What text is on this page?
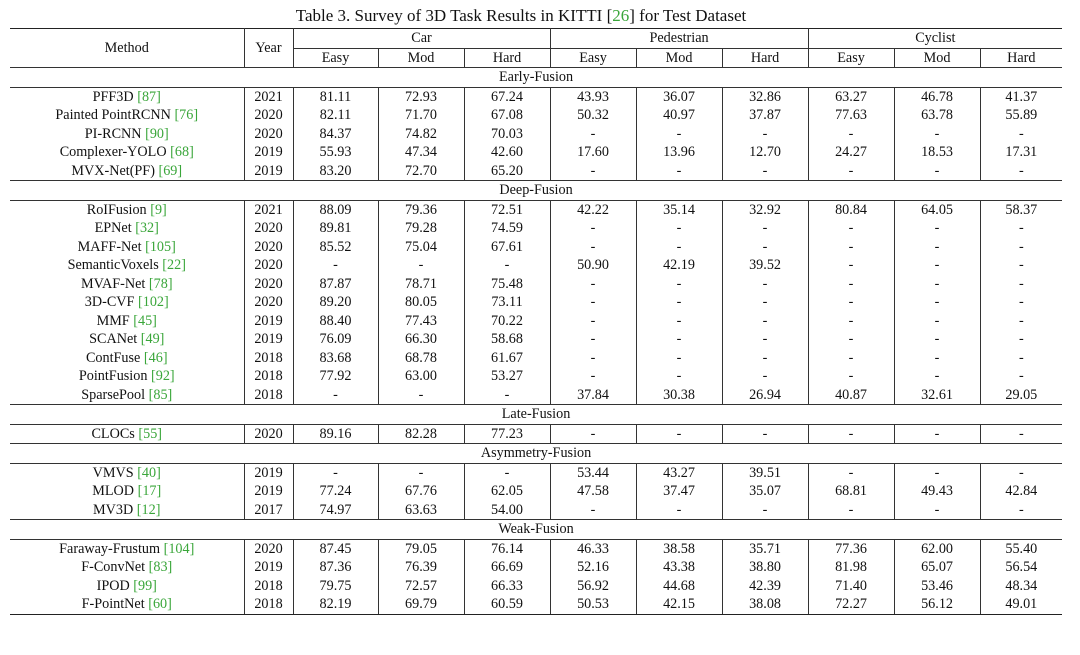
Table 3. Survey of 3D Task Results in KITTI [26] for Test Dataset
Method	Year	Car			Pedestrian			Cyclist		
		Easy	Mod	Hard	Easy	Mod	Hard	Easy	Mod	Hard
Early-Fusion										
PFF3D [87]	2021	81.11	72.93	67.24	43.93	36.07	32.86	63.27	46.78	41.37
Painted PointRCNN [76]	2020	82.11	71.70	67.08	50.32	40.97	37.87	77.63	63.78	55.89
PI-RCNN [90]	2020	84.37	74.82	70.03	-	-	-	-	-	-
Complexer-YOLO [68]	2019	55.93	47.34	42.60	17.60	13.96	12.70	24.27	18.53	17.31
MVX-Net(PF) [69]	2019	83.20	72.70	65.20	-	-	-	-	-	-
Deep-Fusion										
RoIFusion [9]	2021	88.09	79.36	72.51	42.22	35.14	32.92	80.84	64.05	58.37
EPNet [32]	2020	89.81	79.28	74.59	-	-	-	-	-	-
MAFF-Net [105]	2020	85.52	75.04	67.61	-	-	-	-	-	-
SemanticVoxels [22]	2020	-	-	-	50.90	42.19	39.52	-	-	-
MVAF-Net [78]	2020	87.87	78.71	75.48	-	-	-	-	-	-
3D-CVF [102]	2020	89.20	80.05	73.11	-	-	-	-	-	-
MMF [45]	2019	88.40	77.43	70.22	-	-	-	-	-	-
SCANet [49]	2019	76.09	66.30	58.68	-	-	-	-	-	-
ContFuse [46]	2018	83.68	68.78	61.67	-	-	-	-	-	-
PointFusion [92]	2018	77.92	63.00	53.27	-	-	-	-	-	-
SparsePool [85]	2018	-	-	-	37.84	30.38	26.94	40.87	32.61	29.05
Late-Fusion										
CLOCs [55]	2020	89.16	82.28	77.23	-	-	-	-	-	-
Asymmetry-Fusion										
VMVS [40]	2019	-	-	-	53.44	43.27	39.51	-	-	-
MLOD [17]	2019	77.24	67.76	62.05	47.58	37.47	35.07	68.81	49.43	42.84
MV3D [12]	2017	74.97	63.63	54.00	-	-	-	-	-	-
Weak-Fusion										
Faraway-Frustum [104]	2020	87.45	79.05	76.14	46.33	38.58	35.71	77.36	62.00	55.40
F-ConvNet [83]	2019	87.36	76.39	66.69	52.16	43.38	38.80	81.98	65.07	56.54
IPOD [99]	2018	79.75	72.57	66.33	56.92	44.68	42.39	71.40	53.46	48.34
F-PointNet [60]	2018	82.19	69.79	60.59	50.53	42.15	38.08	72.27	56.12	49.01
